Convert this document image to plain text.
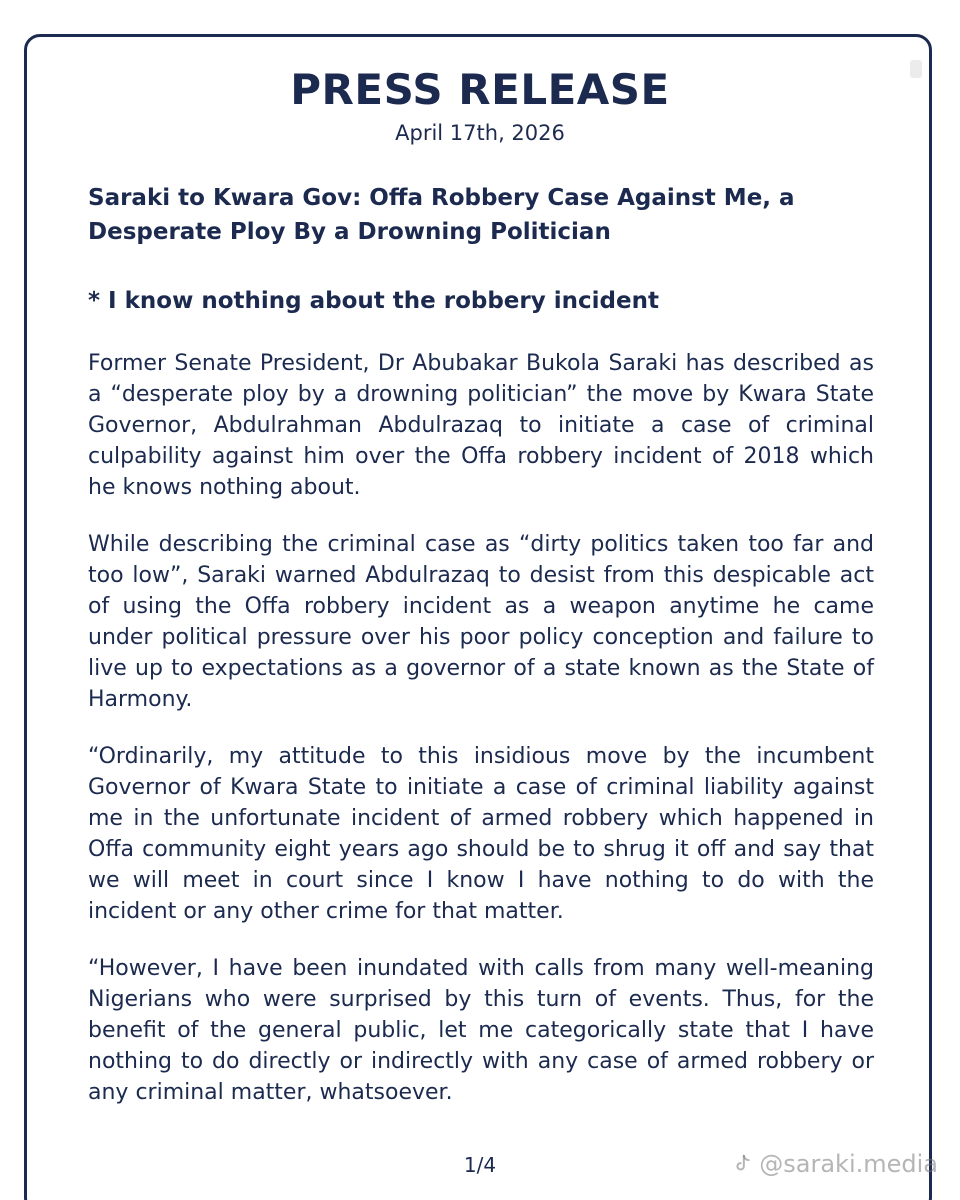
PRESS RELEASE
April 17th, 2026
Saraki to Kwara Gov: Offa Robbery Case Against Me, a Desperate Ploy By a Drowning Politician
* I know nothing about the robbery incident

Former Senate President, Dr Abubakar Bukola Saraki has described as a “desperate ploy by a drowning politician” the move by Kwara State Governor, Abdulrahman Abdulrazaq to initiate a case of criminal culpability against him over the Offa robbery incident of 2018 which he knows nothing about.

While describing the criminal case as “dirty politics taken too far and too low”, Saraki warned Abdulrazaq to desist from this despicable act of using the Offa robbery incident as a weapon anytime he came under political pressure over his poor policy conception and failure to live up to expectations as a governor of a state known as the State of Harmony.

“Ordinarily, my attitude to this insidious move by the incumbent Governor of Kwara State to initiate a case of criminal liability against me in the unfortunate incident of armed robbery which happened in Offa community eight years ago should be to shrug it off and say that we will meet in court since I know I have nothing to do with the incident or any other crime for that matter.

“However, I have been inundated with calls from many well-meaning Nigerians who were surprised by this turn of events. Thus, for the benefit of the general public, let me categorically state that I have nothing to do directly or indirectly with any case of armed robbery or any criminal matter, whatsoever.

1/4	@saraki.media
